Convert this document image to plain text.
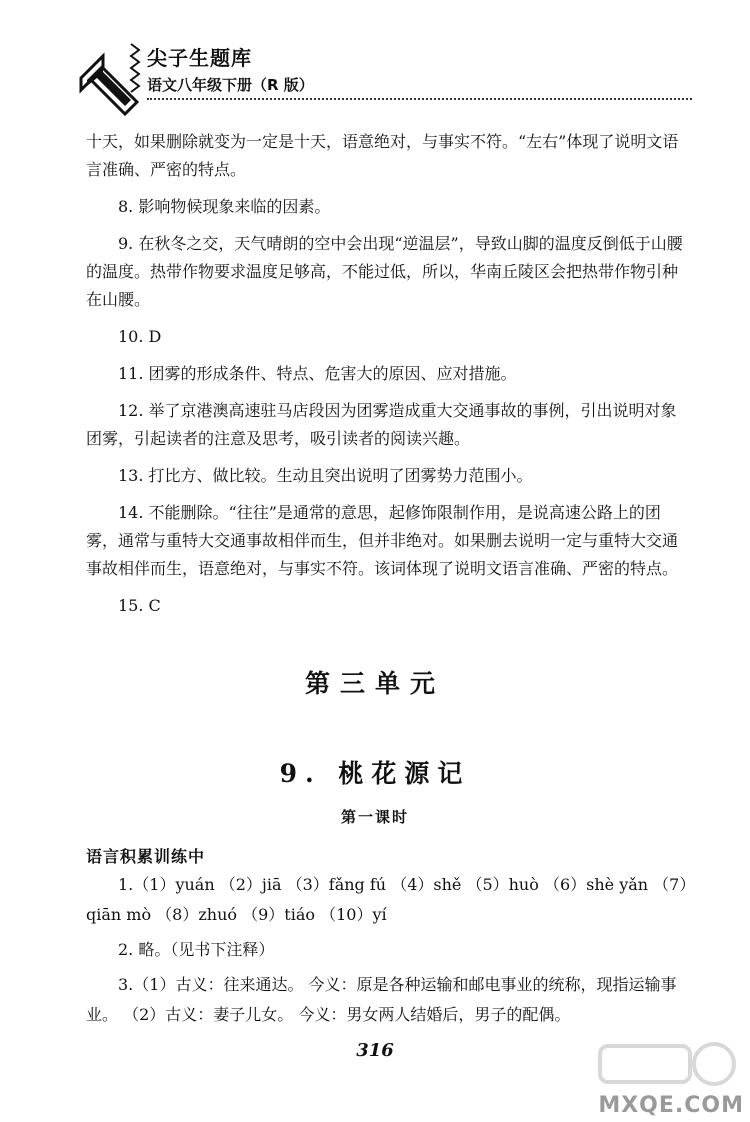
尖子生题库
语文八年级下册（R 版）

十天，如果删除就变为一定是十天，语意绝对，与事实不符。“左右”体现了说明文语言准确、严密的特点。

8. 影响物候现象来临的因素。

9. 在秋冬之交，天气晴朗的空中会出现“逆温层”，导致山脚的温度反倒低于山腰的温度。热带作物要求温度足够高，不能过低，所以，华南丘陵区会把热带作物引种在山腰。

10. D

11. 团雾的形成条件、特点、危害大的原因、应对措施。

12. 举了京港澳高速驻马店段因为团雾造成重大交通事故的事例，引出说明对象团雾，引起读者的注意及思考，吸引读者的阅读兴趣。

13. 打比方、做比较。生动且突出说明了团雾势力范围小。

14. 不能删除。“往往”是通常的意思，起修饰限制作用，是说高速公路上的团雾，通常与重特大交通事故相伴而生，但并非绝对。如果删去说明一定与重特大交通事故相伴而生，语意绝对，与事实不符。该词体现了说明文语言准确、严密的特点。

15. C

第三单元
9. 桃花源记
第一课时
语言积累训练中

1.（1）yuán （2）jiā （3）fǎng fú （4）shě （5）huò （6）shè yǎn （7）qiān mò （8）zhuó （9）tiáo （10）yí

2. 略。（见书下注释）

3.（1）古义：往来通达。 今义：原是各种运输和邮电事业的统称，现指运输事业。 （2）古义：妻子儿女。 今义：男女两人结婚后，男子的配偶。

316
MXQE.COM
